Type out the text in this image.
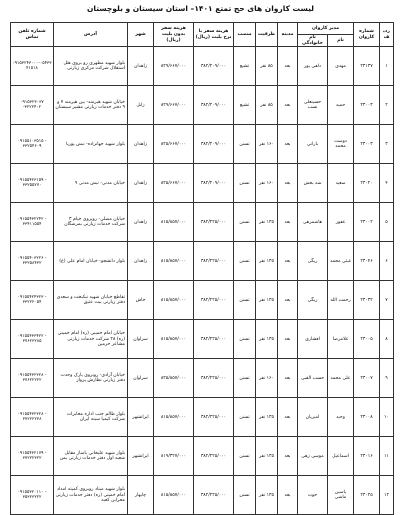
لیست کاروان های حج تمتع ۱۴۰۱– استان سیستان و بلوچستان
ردیف	شماره کاروان	مدیر کاروان		مدینه	ظرفیت	منصب	هزینه سفر با نرخ بلیت (ریال)	هزینه سفر بدون بلیت (ریال)	شهر	آدرس	شماره تلفن تماس
		نام	نام خانوادگی								
۱	۲۳۱۳۷	مهدی	دلفی پور	بعد	۸۵ نفر	تشیع	۳۸۲/۲۰۹/۰۰۰	۸۲۹/۶۶۷/۰۰۰	زاهدان	بلوار شهید مطهری رو بروی هتل استقلال شرکت مرکزی زیارتی	۰۹۱۵۳۲۴۳۰۰۰-۰۵۴۳۳۴۱۵۱۸
۲	۲۳۰۰۳	حمید	حسینعلی نسب	بعد	۸۵ نفر	تشیع	۳۸۲/۲۰۹/۰۰۰	۸۲۹/۶۶۷/۰۰۰	زابل	خیابان شهید هیرمند- بین هیرمند ۷ و ۹ دفتر خدمات زیارتی مشیر سیستان	۰۹۱۵۳۲۳۰۳۷ -۳۲۲۲۴۰۲
۳	۲۳۰۰۳	دوست محمد	بارانی	بعد	۱۶۰ نفر	تسنن	۳۸۲/۲۰۹/۰۰۰	۸۲۵/۶۶۷/۰۰۰	زاهدان	بلوار شهید جهانزاده- نبش پوریا	۰۹۱۵۵۱۰۳۵۱۵ - ۳۳۲۵۴۶۰۹
۴	۲۳۰۲۰	سعید	شه بخش	بعد	۱۶۰ نفر	تسنن	۳۸۲/۲۰۹/۰۰۰	۸۲۵/۶۶۷/۰۰۰	زاهدان	خیابان مدنی- نبش مدنی ۹	۰۹۱۵۵۴۲۳۱۵۹ - ۳۳۲۵۵۲۷۰
۵	۲۳۰۰۲	غفور	هاشمزهی	بعد	۱۳۵ نفر	تسنن	۳۸۲/۲۲۵/۰۰۰	۸۱۵/۸۵۷/۰۰۰	زاهدان	خیابان مصلی- روبروی خیام ۳ شرکت خدمات زیارتی بمرشگان	۰۹۱۵۵۴۳۲۲۴۲ - ۳۳۴۱۱۵۵۴
۶	۲۳۰۴۶	غیثی محمد	ریگی	بعد	۱۳۵ نفر	تسنن	۳۸۲/۲۲۵/۰۰۰	۸۱۵/۸۵۷/۰۰۰	زاهدان	بلوار دانشجو- خیابان امام علی (ع)	۰۹۱۵۵۴۰۳۲۲۶ - ۳۳۲۵۸۴۳۲
۷	۲۳۰۳۲	رحمت الله	ریگی	بعد	۱۳۵ نفر	تسنن	۳۸۲/۲۲۵/۰۰۰	۸۱۵/۸۵۷/۰۰۰	خاش	تقاطع خیابان شهید نیکبخت و سعدی دفتر زیارتی بیت عتیق	۰۹۱۵۵۴۲۴۳۲۳ - ۳۳۲۲۲۰۵۴
۸	۲۳۰۰۵	غلامرضا	افشاری	بعد	۱۳۵ نفر	تسنن	۳۸۲/۲۲۵/۰۰۰	۸۱۵/۸۵۷/۰۰۰	سراوان	خیابان امام خمینی (ره) امام خمینی (ره) ۲۸ شرکت خدمات زیارتی مشاعر حرمین	۰۹۱۵۵۴۳۳۴۲۲ - ۳۷۶۲۳۲۸۵
۹	۲۳۰۰۷	علی محمد	حسب القبی	بعد	۱۶۰ نفر	تسنن	۳۸۲/۲۲۵/۰۰۰	۸۲۵/۸۵۷/۰۰۰	سراوان	خیابان آزادی- روبروی پارک وحدت دفتر زیارتی نظارش پرواز	۰۹۱۵۵۴۳۲۳۲۸ - ۳۷۶۲۲۲۲۲
۱۰	۲۳۰۰۸	وحید	امیریان	بعد	۱۳۵ نفر	تسنن	۳۸۲/۲۲۵/۰۰۰	۸۱۵/۸۵۷/۰۰۰	ایرانشهر	بلوار ظالم جنب اداره مخابرات شرکت کیمیا سینه ایران	۰۹۱۵۵۴۳۲۳۲۸ - ۳۷۲۲۲۲۳۸
۱۱	۲۳۰۱۶	اسماعیل	موسی زهی	بعد	۱۳۵ نفر	تسنن	۳۸۲/۲۲۵/۰۰۰	۸۱۹/۳۲۷/۰۰۰	ایرانشهر	بلوار شهید علیخانی باساز مقابل شعبه اول دفتر خدمات زیارتی یمن	۰۹۱۵۵۴۳۲۱۷۹ - ۳۷۲۲۲۳۲۲
۱۲	۲۳۰۲۵	یاسین ماشی	حوت	بعد	۱۳۵ نفر	تسنن	۳۸۲/۲۲۵/۰۰۰	۸۱۵/۸۵۷/۰۰۰	چابهار	بلوار شهید میناد روبروی کمیته امداد امام خمینی (ره) دفتر خدمات زیارتی محرابن کعبه	۰۹۱۵۵۳۲۰۱۱۰ - ۳۵۳۲۳۲۲۲
